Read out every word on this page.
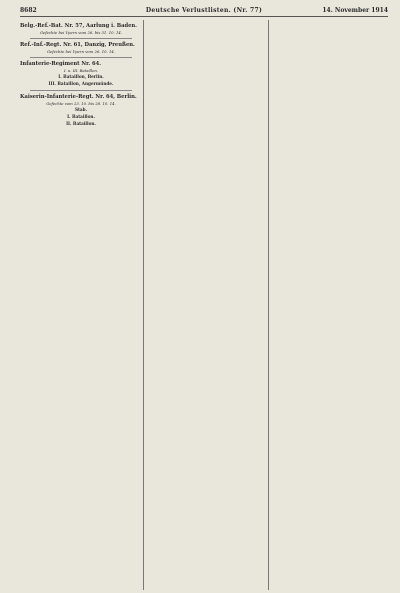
8682	Deutsche Verlustlisten. (Nr. 77)	14. November 1914
Belg.-Ref.-Bat. Nr. 57, Aarlung i. Baden.
Gefechte bei Ypern vom 26. bis 31. 10. 14.
Ref.-Inf.-Regt. Nr. 61, Danzig, Preußen.
Gefechte bei Ypern vom 26. 10. 14.
Infanterie-Regiment Nr. 64.
I. u. III. Bataillon.
I. Bataillon, Berlin.
III. Bataillon, Angermünde.
Kaiserin-Infanterie-Regt. Nr. 64, Berlin.
Gefechte vom 23. 10. bis 28. 10. 14.
Stab.
I. Bataillon.
II. Bataillon.
